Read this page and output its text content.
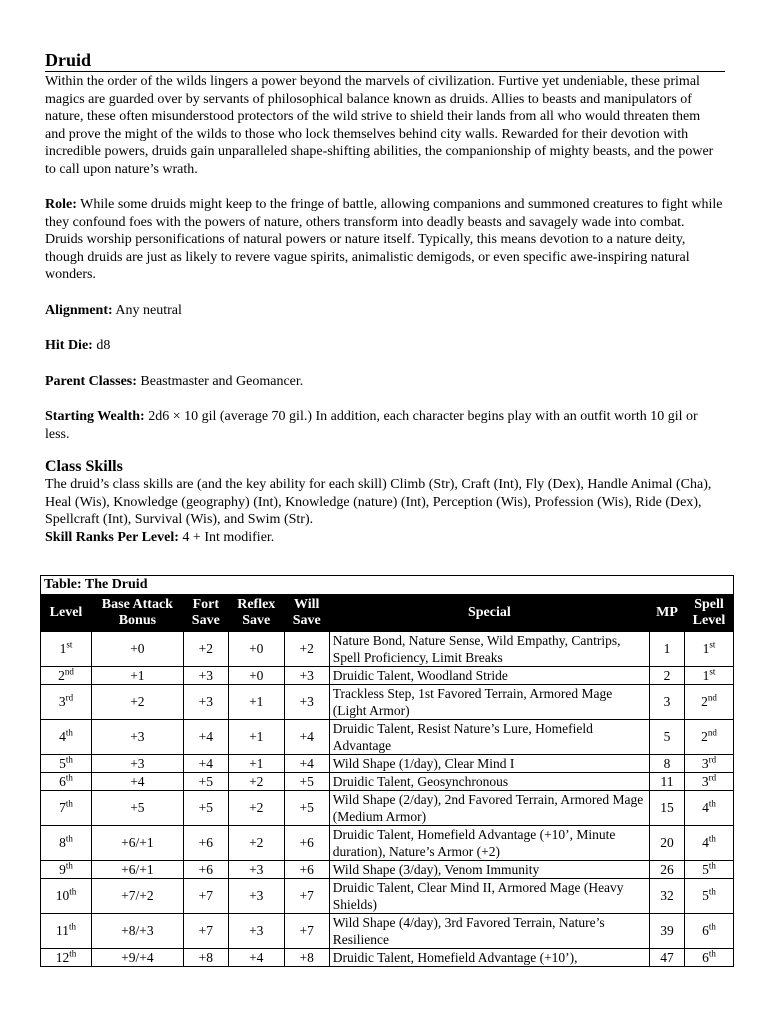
Druid

Within the order of the wilds lingers a power beyond the marvels of civilization. Furtive yet undeniable, these primal magics are guarded over by servants of philosophical balance known as druids. Allies to beasts and manipulators of nature, these often misunderstood protectors of the wild strive to shield their lands from all who would threaten them and prove the might of the wilds to those who lock themselves behind city walls. Rewarded for their devotion with incredible powers, druids gain unparalleled shape-shifting abilities, the companionship of mighty beasts, and the power to call upon nature’s wrath.

Role: While some druids might keep to the fringe of battle, allowing companions and summoned creatures to fight while they confound foes with the powers of nature, others transform into deadly beasts and savagely wade into combat. Druids worship personifications of natural powers or nature itself. Typically, this means devotion to a nature deity, though druids are just as likely to revere vague spirits, animalistic demigods, or even specific awe-inspiring natural wonders.

Alignment: Any neutral

Hit Die: d8

Parent Classes: Beastmaster and Geomancer.

Starting Wealth: 2d6 × 10 gil (average 70 gil.) In addition, each character begins play with an outfit worth 10 gil or less.

Class Skills

The druid’s class skills are (and the key ability for each skill) Climb (Str), Craft (Int), Fly (Dex), Handle Animal (Cha), Heal (Wis), Knowledge (geography) (Int), Knowledge (nature) (Int), Perception (Wis), Profession (Wis), Ride (Dex), Spellcraft (Int), Survival (Wis), and Swim (Str).

Skill Ranks Per Level: 4 + Int modifier.

Table: The Druid							
Level	Base Attack Bonus	Fort Save	Reflex Save	Will Save	Special	MP	Spell Level
1st	+0	+2	+0	+2	Nature Bond, Nature Sense, Wild Empathy, Cantrips, Spell Proficiency, Limit Breaks	1	1st
2nd	+1	+3	+0	+3	Druidic Talent, Woodland Stride	2	1st
3rd	+2	+3	+1	+3	Trackless Step, 1st Favored Terrain, Armored Mage (Light Armor)	3	2nd
4th	+3	+4	+1	+4	Druidic Talent, Resist Nature’s Lure, Homefield Advantage	5	2nd
5th	+3	+4	+1	+4	Wild Shape (1/day), Clear Mind I	8	3rd
6th	+4	+5	+2	+5	Druidic Talent, Geosynchronous	11	3rd
7th	+5	+5	+2	+5	Wild Shape (2/day), 2nd Favored Terrain, Armored Mage (Medium Armor)	15	4th
8th	+6/+1	+6	+2	+6	Druidic Talent, Homefield Advantage (+10’, Minute duration), Nature’s Armor (+2)	20	4th
9th	+6/+1	+6	+3	+6	Wild Shape (3/day), Venom Immunity	26	5th
10th	+7/+2	+7	+3	+7	Druidic Talent, Clear Mind II, Armored Mage (Heavy Shields)	32	5th
11th	+8/+3	+7	+3	+7	Wild Shape (4/day), 3rd Favored Terrain, Nature’s Resilience	39	6th
12th	+9/+4	+8	+4	+8	Druidic Talent, Homefield Advantage (+10’),	47	6th
